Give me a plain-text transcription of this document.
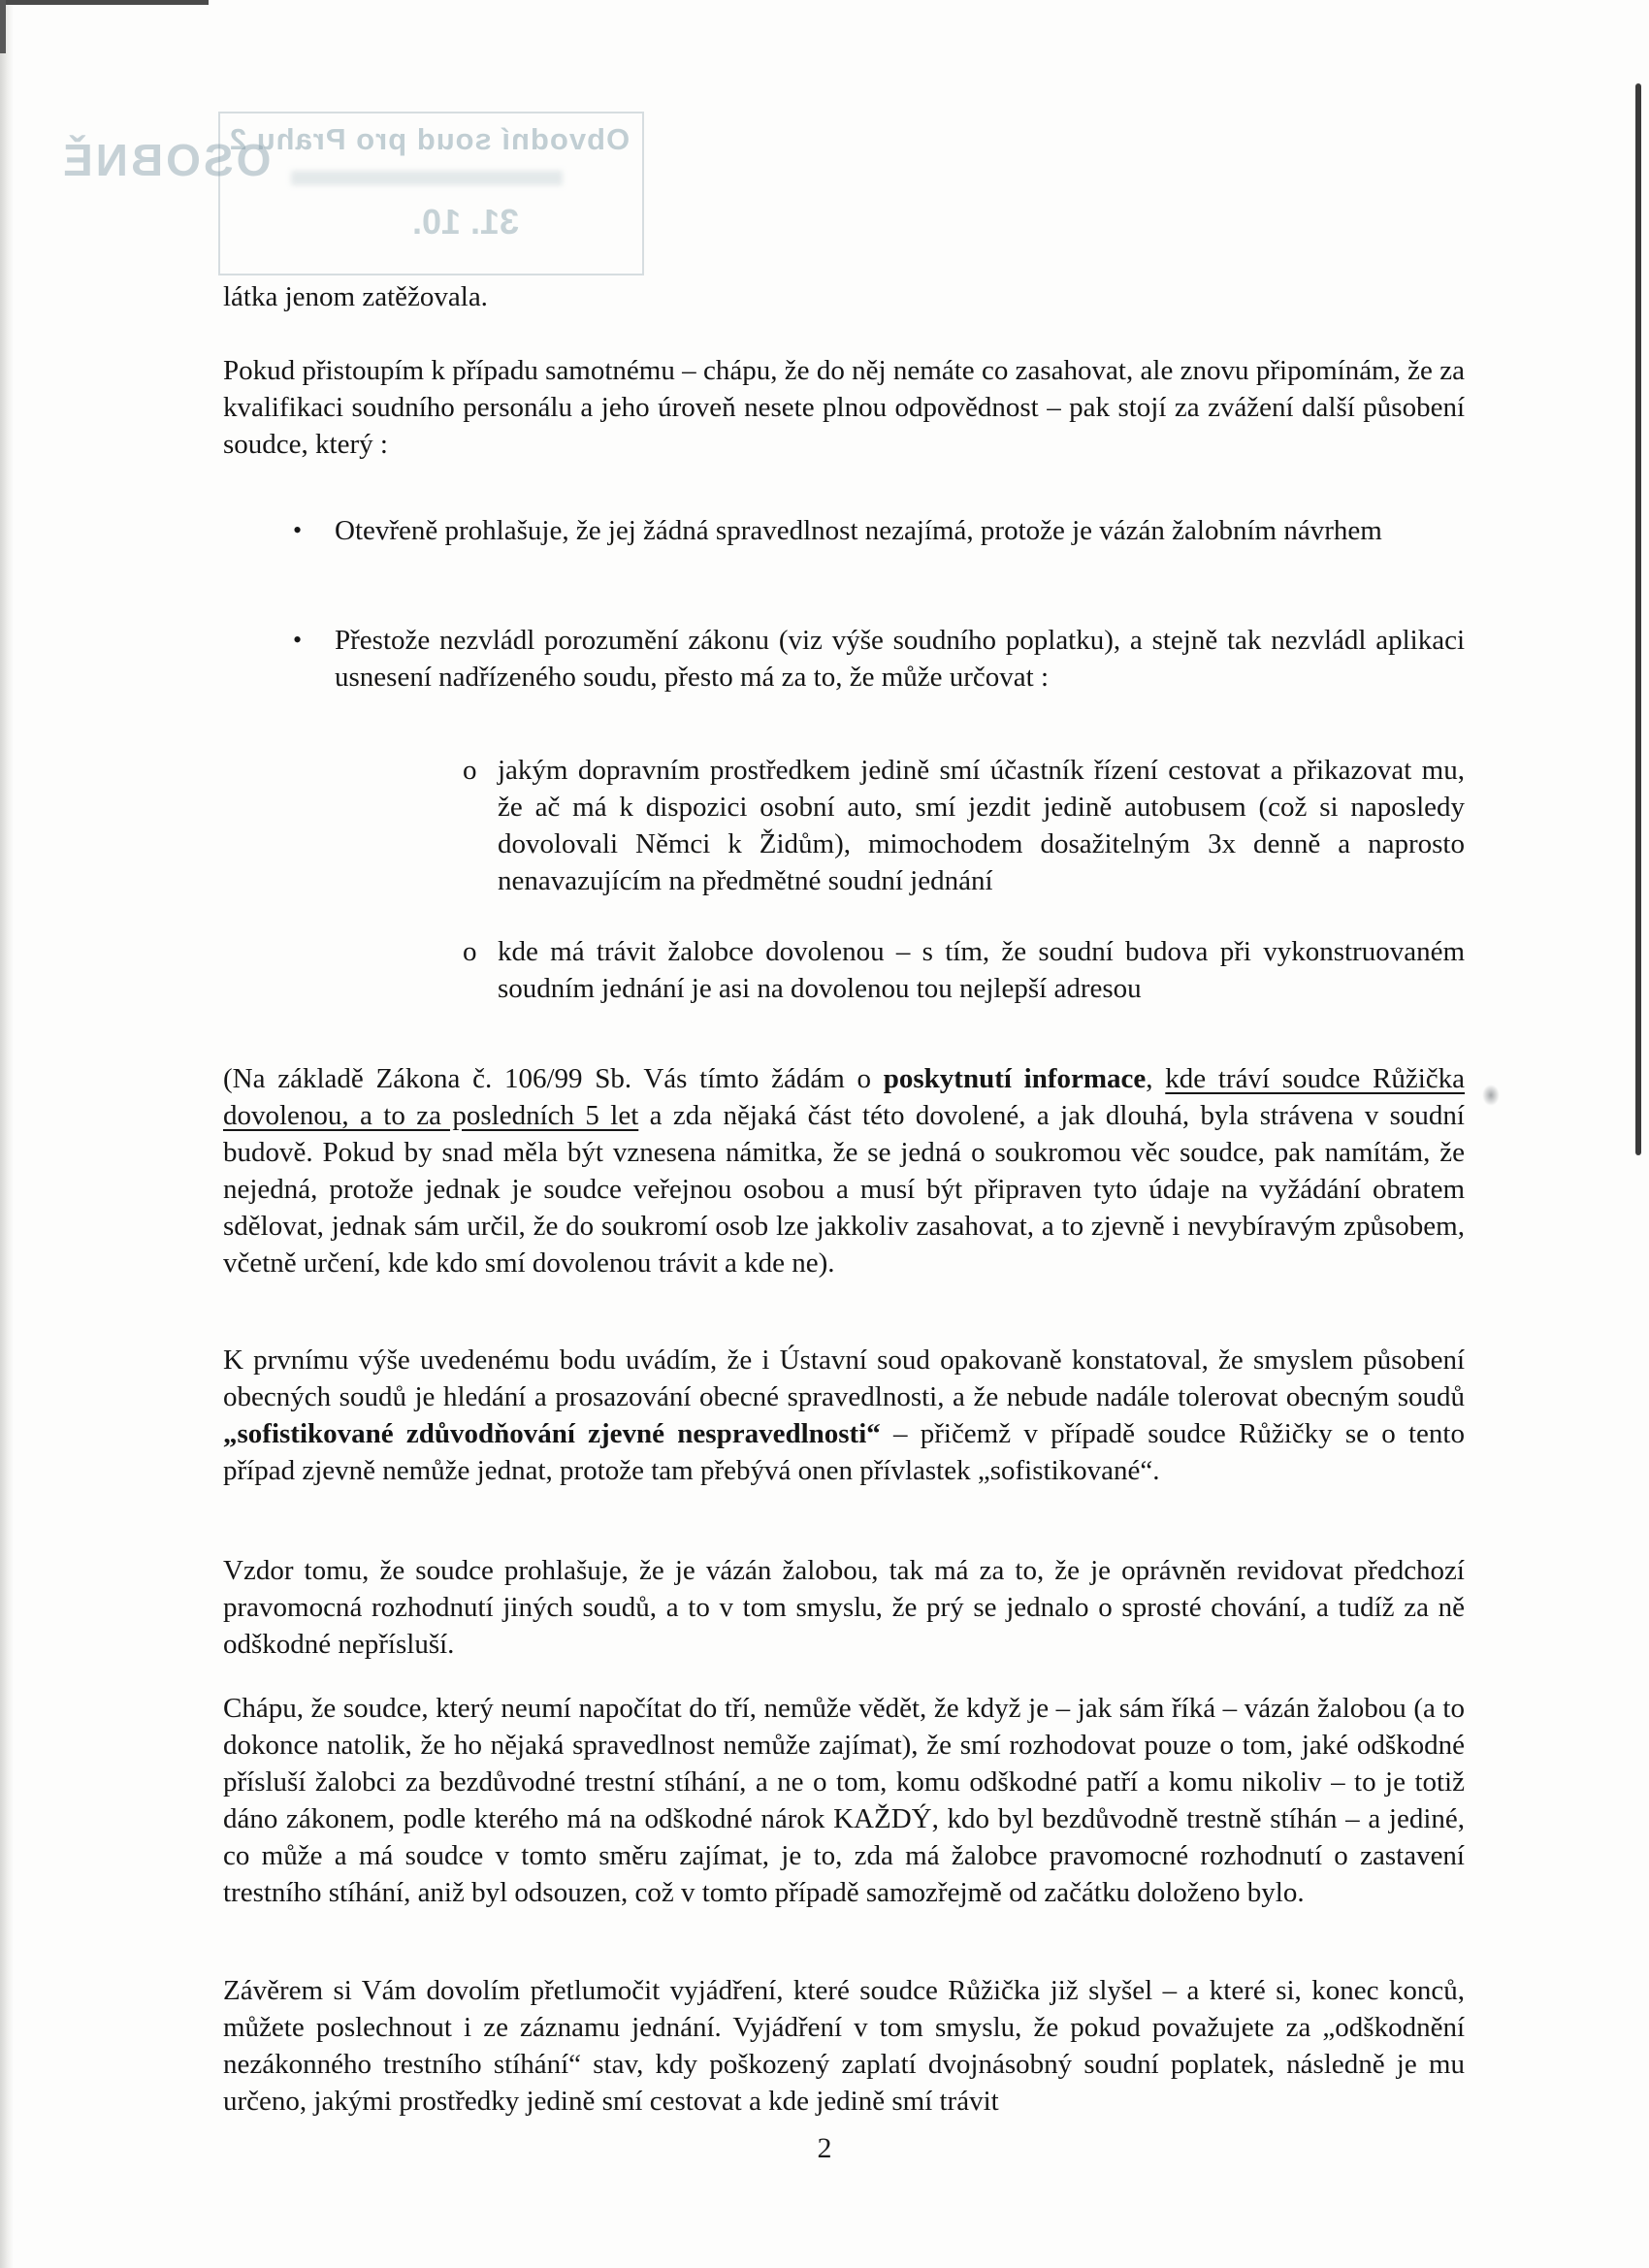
Obvodní soud pro Prahu 2
31. 10.
OSOBNĚ
látka jenom zatěžovala.
Pokud přistoupím k případu samotnému – chápu, že do něj nemáte co zasahovat, ale znovu připomínám, že za kvalifikaci soudního personálu a jeho úroveň nesete plnou odpovědnost – pak stojí za zvážení další působení soudce, který :
• Otevřeně prohlašuje, že jej žádná spravedlnost nezajímá, protože je vázán žalobním návrhem
• Přestože nezvládl porozumění zákonu (viz výše soudního poplatku), a stejně tak nezvládl aplikaci usnesení nadřízeného soudu, přesto má za to, že může určovat :
o jakým dopravním prostředkem jedině smí účastník řízení cestovat a přikazovat mu, že ač má k dispozici osobní auto, smí jezdit jedině autobusem (což si naposledy dovolovali Němci k Židům), mimochodem dosažitelným 3x denně a naprosto nenavazujícím na předmětné soudní jednání
o kde má trávit žalobce dovolenou – s tím, že soudní budova při vykonstruovaném soudním jednání je asi na dovolenou tou nejlepší adresou
(Na základě Zákona č. 106/99 Sb. Vás tímto žádám o poskytnutí informace, kde tráví soudce Růžička dovolenou, a to za posledních 5 let a zda nějaká část této dovolené, a jak dlouhá, byla strávena v soudní budově. Pokud by snad měla být vznesena námitka, že se jedná o soukromou věc soudce, pak namítám, že nejedná, protože jednak je soudce veřejnou osobou a musí být připraven tyto údaje na vyžádání obratem sdělovat, jednak sám určil, že do soukromí osob lze jakkoliv zasahovat, a to zjevně i nevybíravým způsobem, včetně určení, kde kdo smí dovolenou trávit a kde ne).
K prvnímu výše uvedenému bodu uvádím, že i Ústavní soud opakovaně konstatoval, že smyslem působení obecných soudů je hledání a prosazování obecné spravedlnosti, a že nebude nadále tolerovat obecným soudů „sofistikované zdůvodňování zjevné nespravedlnosti“ – přičemž v případě soudce Růžičky se o tento případ zjevně nemůže jednat, protože tam přebývá onen přívlastek „sofistikované“.
Vzdor tomu, že soudce prohlašuje, že je vázán žalobou, tak má za to, že je oprávněn revidovat předchozí pravomocná rozhodnutí jiných soudů, a to v tom smyslu, že prý se jednalo o sprosté chování, a tudíž za ně odškodné nepřísluší.
Chápu, že soudce, který neumí napočítat do tří, nemůže vědět, že když je – jak sám říká – vázán žalobou (a to dokonce natolik, že ho nějaká spravedlnost nemůže zajímat), že smí rozhodovat pouze o tom, jaké odškodné přísluší žalobci za bezdůvodné trestní stíhání, a ne o tom, komu odškodné patří a komu nikoliv – to je totiž dáno zákonem, podle kterého má na odškodné nárok KAŽDÝ, kdo byl bezdůvodně trestně stíhán – a jediné, co může a má soudce v tomto směru zajímat, je to, zda má žalobce pravomocné rozhodnutí o zastavení trestního stíhání, aniž byl odsouzen, což v tomto případě samozřejmě od začátku doloženo bylo.
Závěrem si Vám dovolím přetlumočit vyjádření, které soudce Růžička již slyšel – a které si, konec konců, můžete poslechnout i ze záznamu jednání. Vyjádření v tom smyslu, že pokud považujete za „odškodnění nezákonného trestního stíhání“ stav, kdy poškozený zaplatí dvojnásobný soudní poplatek, následně je mu určeno, jakými prostředky jedině smí cestovat a kde jedině smí trávit
2
